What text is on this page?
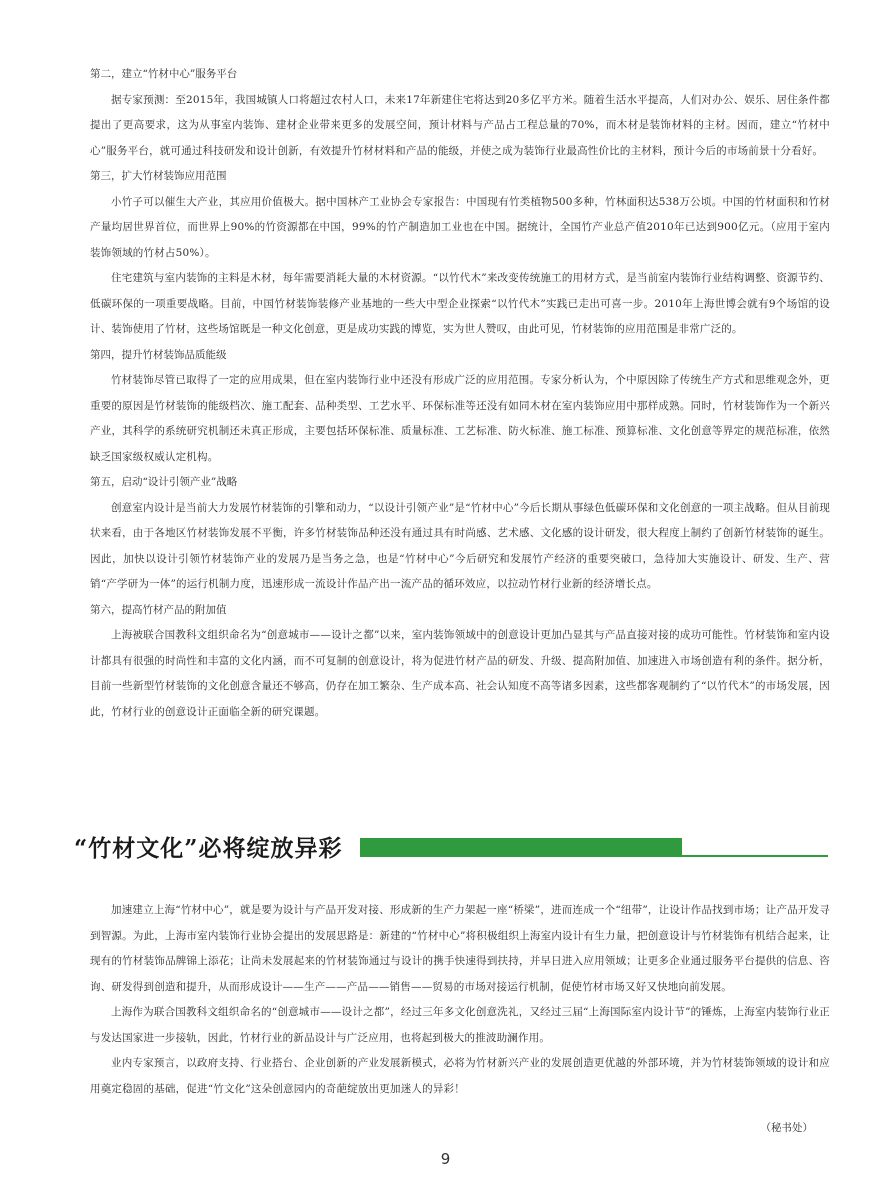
第二，建立“竹材中心”服务平台

据专家预测：至2015年，我国城镇人口将超过农村人口，未来17年新建住宅将达到20多亿平方米。随着生活水平提高，人们对办公、娱乐、居住条件都提出了更高要求，这为从事室内装饰、建材企业带来更多的发展空间，预计材料与产品占工程总量的70%，而木材是装饰材料的主材。因而，建立“竹材中心”服务平台，就可通过科技研发和设计创新，有效提升竹材材料和产品的能级，并使之成为装饰行业最高性价比的主材料，预计今后的市场前景十分看好。

第三，扩大竹材装饰应用范围

小竹子可以催生大产业，其应用价值极大。据中国林产工业协会专家报告：中国现有竹类植物500多种，竹林面积达538万公顷。中国的竹材面积和竹材产量均居世界首位，而世界上90%的竹资源都在中国，99%的竹产制造加工业也在中国。据统计，全国竹产业总产值2010年已达到900亿元。（应用于室内装饰领域的竹材占50%）。

住宅建筑与室内装饰的主料是木材，每年需要消耗大量的木材资源。“以竹代木”来改变传统施工的用材方式，是当前室内装饰行业结构调整、资源节约、低碳环保的一项重要战略。目前，中国竹材装饰装修产业基地的一些大中型企业探索“以竹代木”实践已走出可喜一步。2010年上海世博会就有9个场馆的设计、装饰使用了竹材，这些场馆既是一种文化创意，更是成功实践的博览，实为世人赞叹，由此可见，竹材装饰的应用范围是非常广泛的。

第四，提升竹材装饰品质能级

竹材装饰尽管已取得了一定的应用成果，但在室内装饰行业中还没有形成广泛的应用范围。专家分析认为，个中原因除了传统生产方式和思维观念外，更重要的原因是竹材装饰的能级档次、施工配套、品种类型、工艺水平、环保标准等还没有如同木材在室内装饰应用中那样成熟。同时，竹材装饰作为一个新兴产业，其科学的系统研究机制还未真正形成，主要包括环保标准、质量标准、工艺标准、防火标准、施工标准、预算标准、文化创意等界定的规范标准，依然缺乏国家级权威认定机构。

第五，启动“设计引领产业”战略

创意室内设计是当前大力发展竹材装饰的引擎和动力，“以设计引领产业”是“竹材中心”今后长期从事绿色低碳环保和文化创意的一项主战略。但从目前现状来看，由于各地区竹材装饰发展不平衡，许多竹材装饰品种还没有通过具有时尚感、艺术感、文化感的设计研发，很大程度上制约了创新竹材装饰的诞生。因此，加快以设计引领竹材装饰产业的发展乃是当务之急，也是“竹材中心”今后研究和发展竹产经济的重要突破口，急待加大实施设计、研发、生产、营销“产学研为一体”的运行机制力度，迅速形成一流设计作品产出一流产品的循环效应，以拉动竹材行业新的经济增长点。

第六，提高竹材产品的附加值

上海被联合国教科文组织命名为“创意城市——设计之都”以来，室内装饰领域中的创意设计更加凸显其与产品直接对接的成功可能性。竹材装饰和室内设计都具有很强的时尚性和丰富的文化内涵，而不可复制的创意设计，将为促进竹材产品的研发、升级、提高附加值、加速进入市场创造有利的条件。据分析，目前一些新型竹材装饰的文化创意含量还不够高，仍存在加工繁杂、生产成本高、社会认知度不高等诸多因素，这些都客观制约了“以竹代木”的市场发展，因此，竹材行业的创意设计正面临全新的研究课题。

“竹材文化”必将绽放异彩

加速建立上海“竹材中心”，就是要为设计与产品开发对接、形成新的生产力架起一座“桥梁”，进而连成一个“纽带”，让设计作品找到市场；让产品开发寻到智源。为此，上海市室内装饰行业协会提出的发展思路是：新建的“竹材中心”将积极组织上海室内设计有生力量，把创意设计与竹材装饰有机结合起来，让现有的竹材装饰品牌锦上添花；让尚未发展起来的竹材装饰通过与设计的携手快速得到扶持，并早日进入应用领域；让更多企业通过服务平台提供的信息、咨询、研发得到创造和提升，从而形成设计——生产——产品——销售——贸易的市场对接运行机制，促使竹材市场又好又快地向前发展。

上海作为联合国教科文组织命名的“创意城市——设计之都”，经过三年多文化创意洗礼，又经过三届“上海国际室内设计节”的锤炼，上海室内装饰行业正与发达国家进一步接轨，因此，竹材行业的新品设计与广泛应用，也将起到极大的推波助澜作用。

业内专家预言，以政府支持、行业搭台、企业创新的产业发展新模式，必将为竹材新兴产业的发展创造更优越的外部环境，并为竹材装饰领域的设计和应用奠定稳固的基础，促进“竹文化”这朵创意园内的奇葩绽放出更加迷人的异彩！

（秘书处）
9
